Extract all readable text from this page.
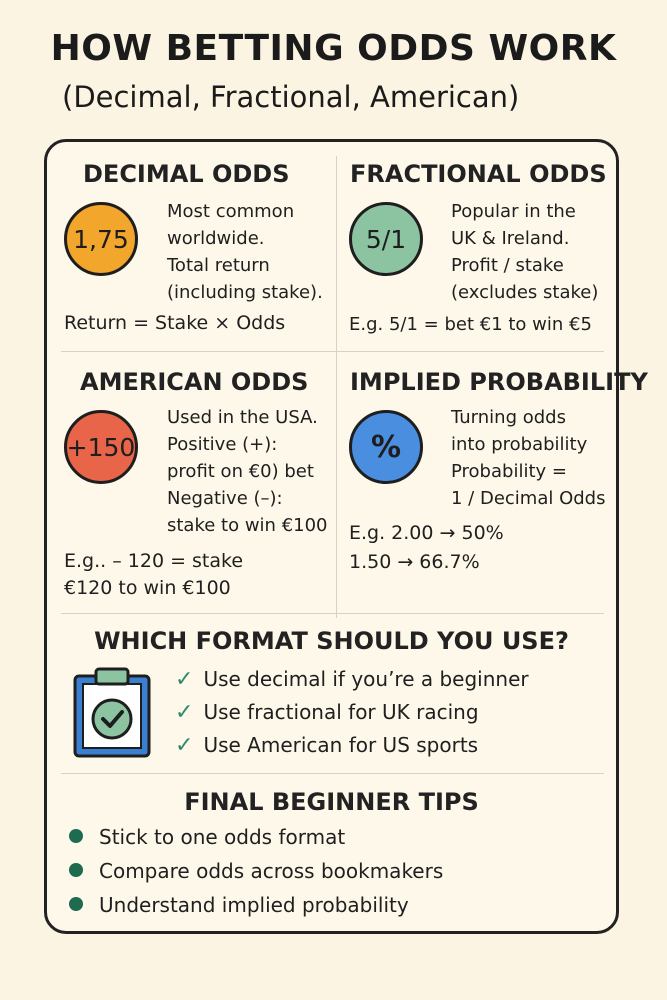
HOW BETTING ODDS WORK
(Decimal, Fractional, American)
DECIMAL ODDS
1,75
Most common
worldwide.
Total return
(including stake).
Return = Stake × Odds
FRACTIONAL ODDS
5/1
Popular in the
UK & Ireland.
Profit / stake
(excludes stake)
E.g. 5/1 = bet €1 to win €5
AMERICAN ODDS
+150
Used in the USA.
Positive (+):
profit on €0) bet
Negative (–):
stake to win €100
E.g.. – 120 = stake
€120 to win €100
IMPLIED PROBABILITY
%
Turning odds
into probability
Probability =
1 / Decimal Odds
E.g. 2.00 → 50%
1.50 → 66.7%
WHICH FORMAT SHOULD YOU USE?
✓ Use decimal if you’re a beginner
✓ Use fractional for UK racing
✓ Use American for US sports
FINAL BEGINNER TIPS
Stick to one odds format
Compare odds across bookmakers
Understand implied probability
